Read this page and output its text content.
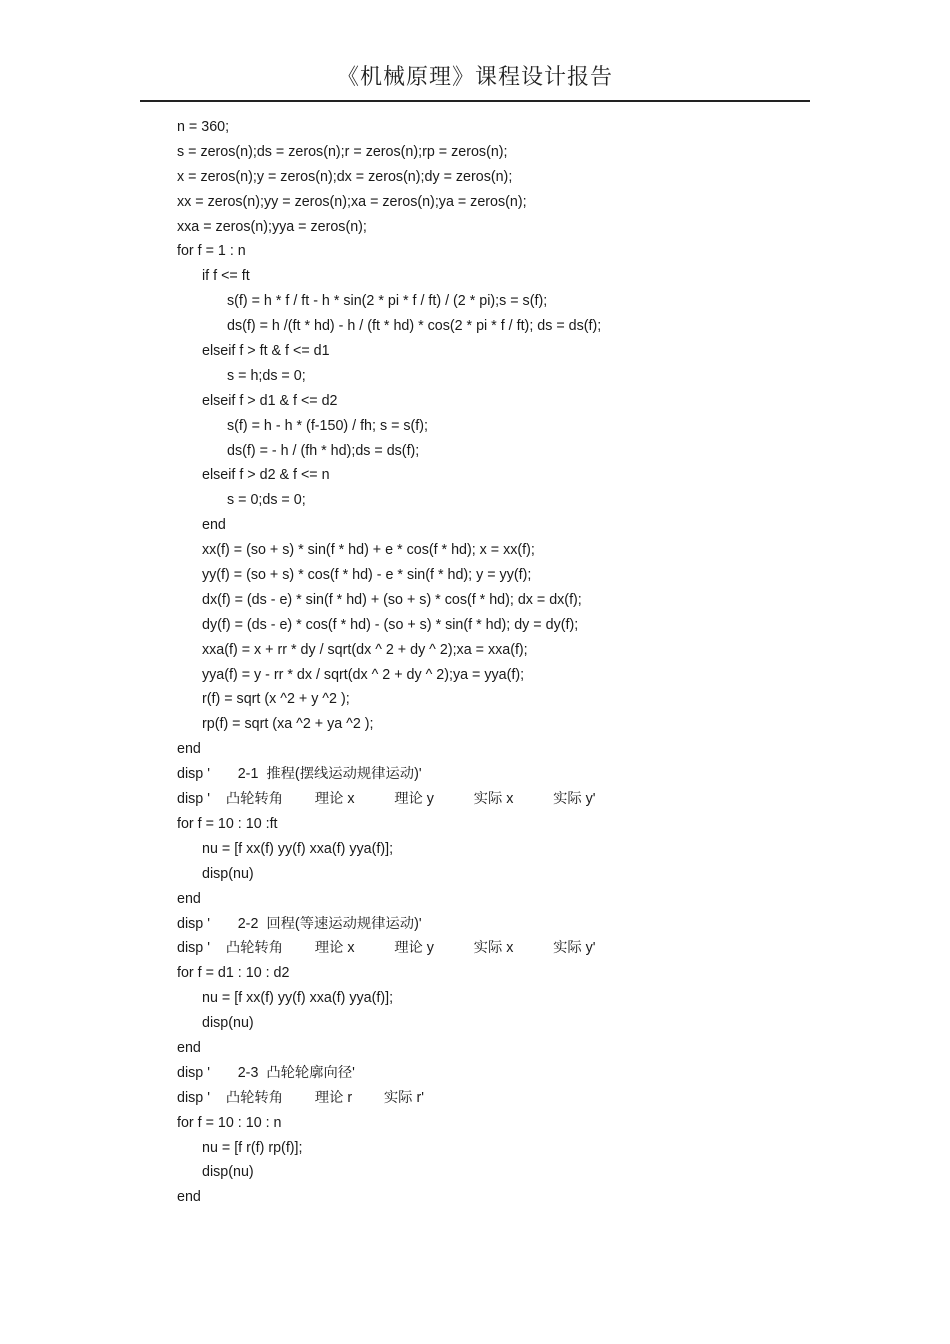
《机械原理》课程设计报告
n = 360;
s = zeros(n);ds = zeros(n);r = zeros(n);rp = zeros(n);
x = zeros(n);y = zeros(n);dx = zeros(n);dy = zeros(n);
xx = zeros(n);yy = zeros(n);xa = zeros(n);ya = zeros(n);
xxa = zeros(n);yya = zeros(n);
for f = 1 : n
if f <= ft
s(f) = h * f / ft - h * sin(2 * pi * f / ft) / (2 * pi);s = s(f);
ds(f) = h /(ft * hd) - h / (ft * hd) * cos(2 * pi * f / ft); ds = ds(f);
elseif f > ft & f <= d1
s = h;ds = 0;
elseif f > d1 & f <= d2
s(f) = h - h * (f-150) / fh; s = s(f);
ds(f) = - h / (fh * hd);ds = ds(f);
elseif f > d2 & f <= n
s = 0;ds = 0;
end
xx(f) = (so + s) * sin(f * hd) + e * cos(f * hd); x = xx(f);
yy(f) = (so + s) * cos(f * hd) - e * sin(f * hd); y = yy(f);
dx(f) = (ds - e) * sin(f * hd) + (so + s) * cos(f * hd); dx = dx(f);
dy(f) = (ds - e) * cos(f * hd) - (so + s) * sin(f * hd); dy = dy(f);
xxa(f) = x + rr * dy / sqrt(dx ^ 2 + dy ^ 2);xa = xxa(f);
yya(f) = y - rr * dx / sqrt(dx ^ 2 + dy ^ 2);ya = yya(f);
r(f) = sqrt (x ^2 + y ^2 );
rp(f) = sqrt (xa ^2 + ya ^2 );
end
disp '       2-1  推程(摆线运动规律运动)'
disp '    凸轮转角        理论 x          理论 y          实际 x          实际 y'
for f = 10 : 10 :ft
nu = [f xx(f) yy(f) xxa(f) yya(f)];
disp(nu)
end
disp '       2-2  回程(等速运动规律运动)'
disp '    凸轮转角        理论 x          理论 y          实际 x          实际 y'
for f = d1 : 10 : d2
nu = [f xx(f) yy(f) xxa(f) yya(f)];
disp(nu)
end
disp '       2-3  凸轮轮廓向径'
disp '    凸轮转角        理论 r        实际 r'
for f = 10 : 10 : n
nu = [f r(f) rp(f)];
disp(nu)
end
